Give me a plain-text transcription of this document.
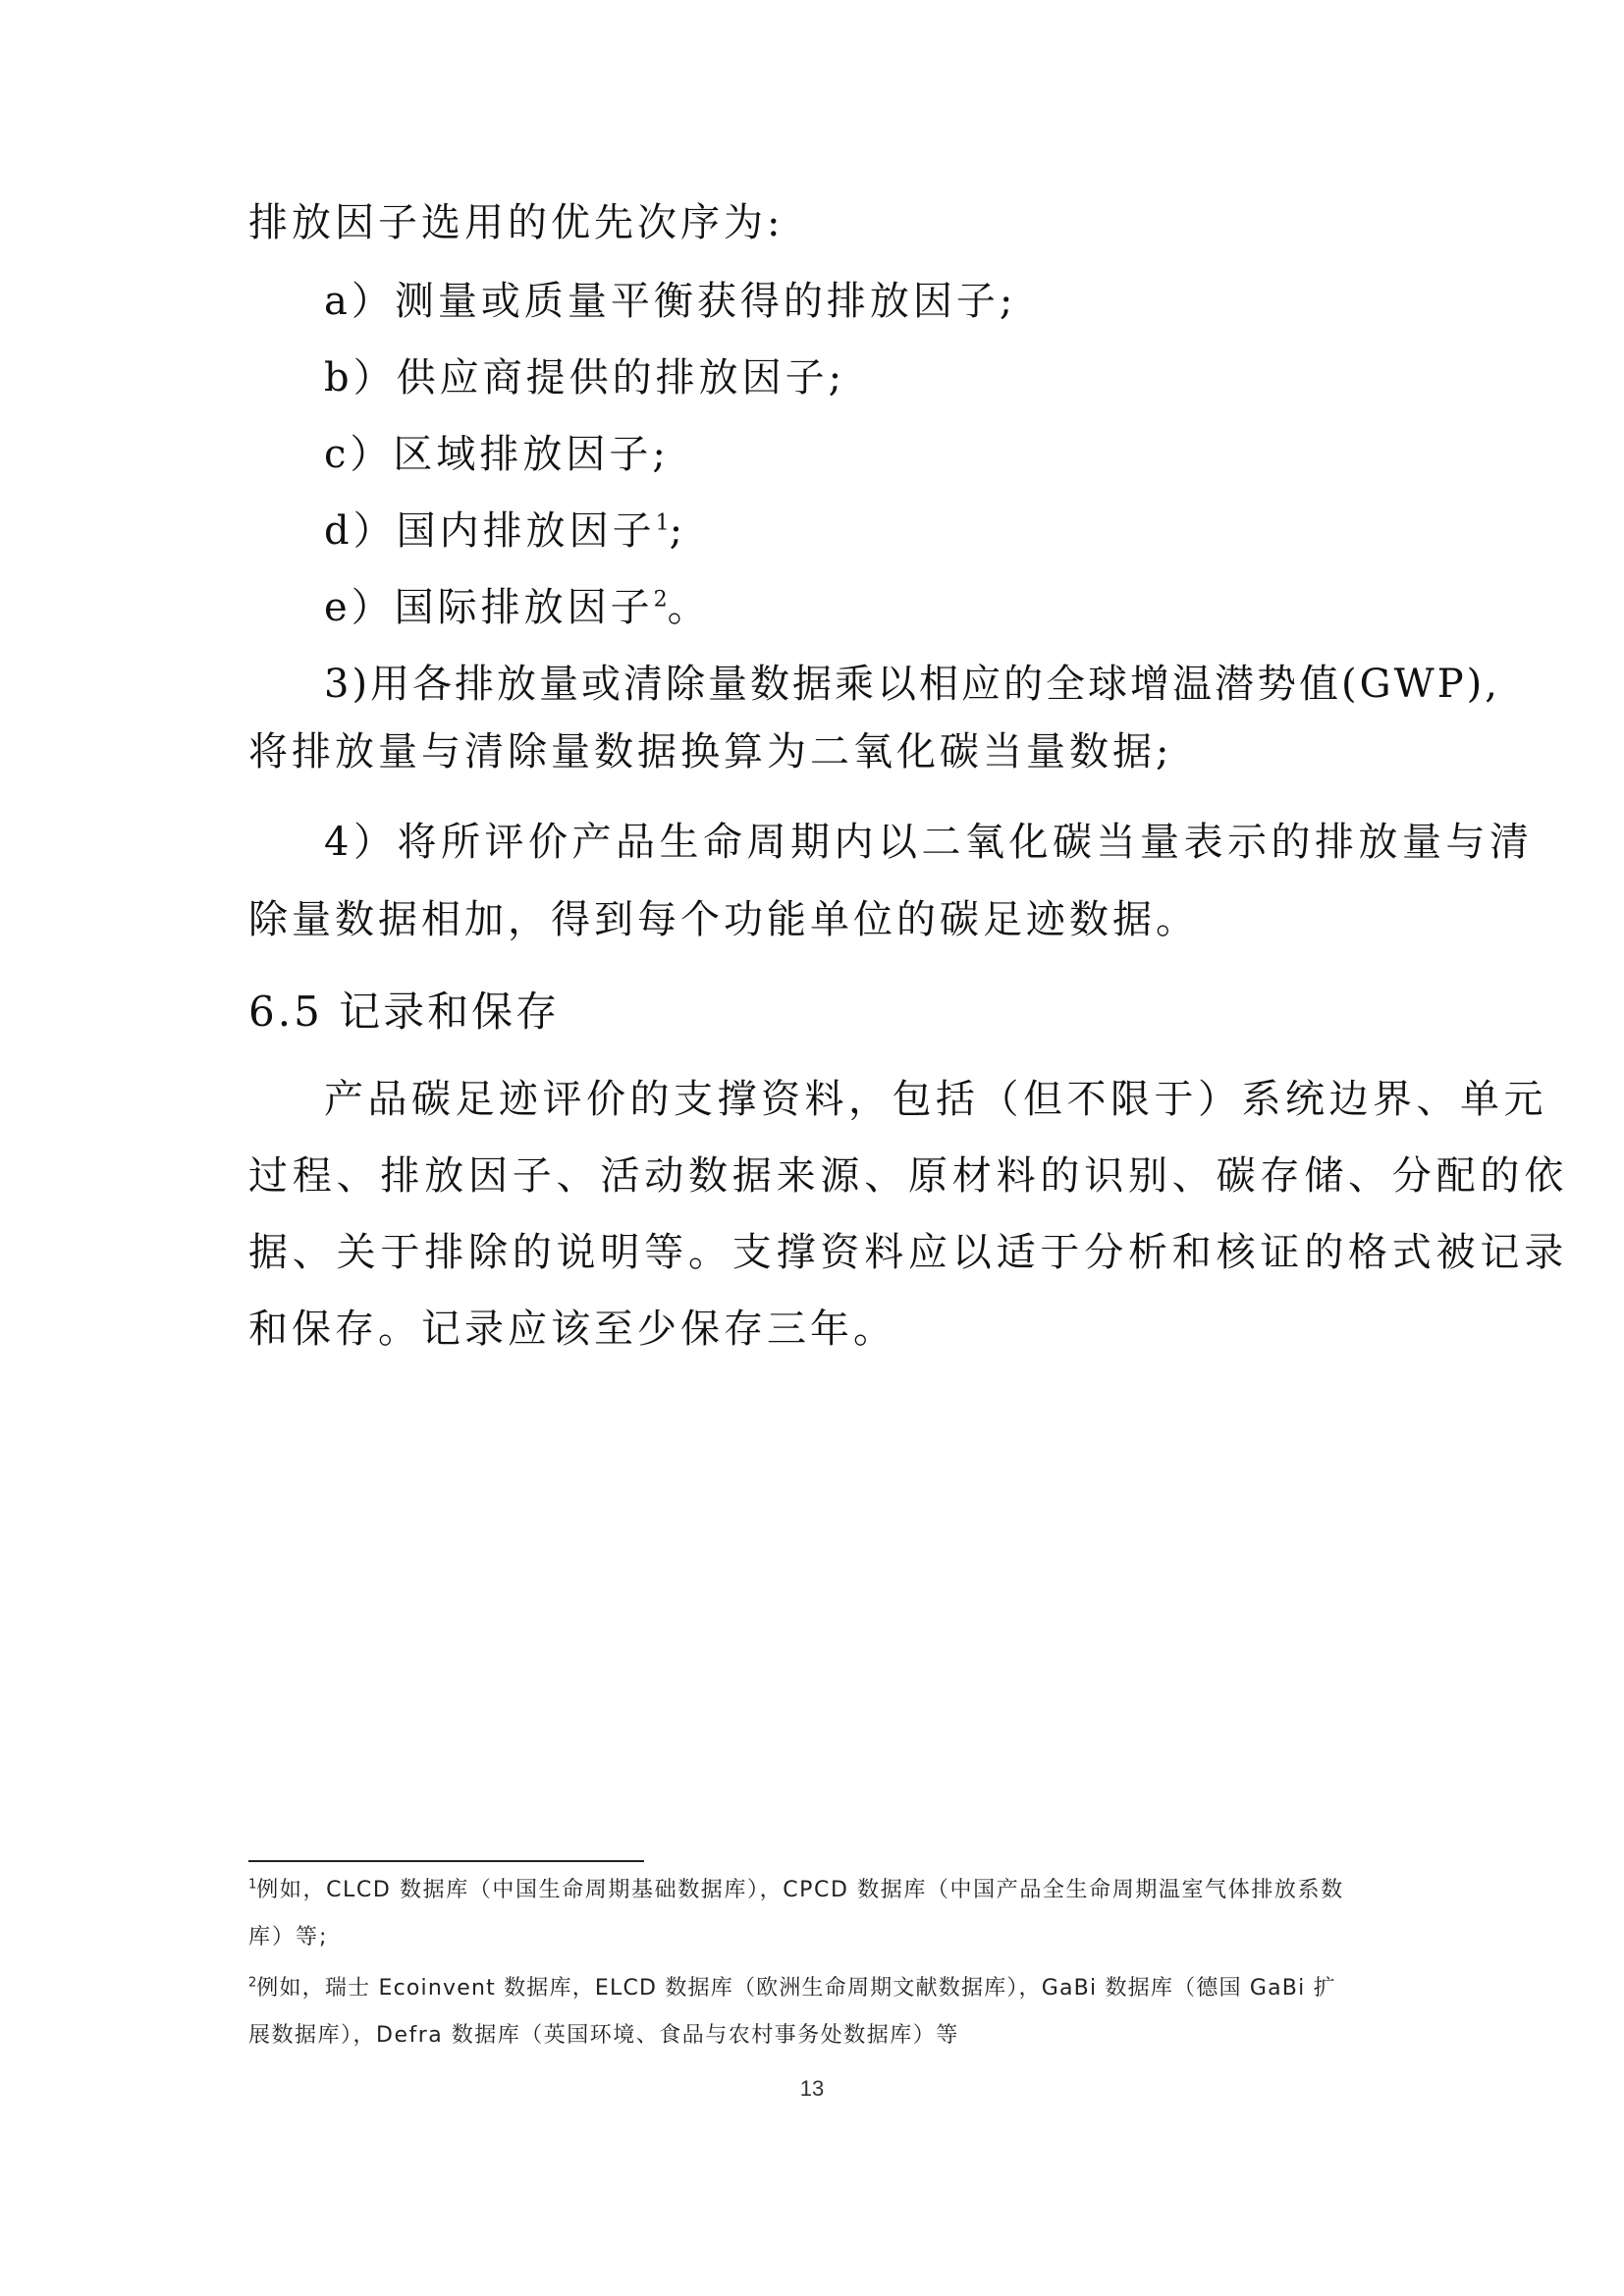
排放因子选用的优先次序为:
a）测量或质量平衡获得的排放因子;
b）供应商提供的排放因子;
c）区域排放因子;
d）国内排放因子$^1$;
e）国际排放因子$^2$。
3)用各排放量或清除量数据乘以相应的全球增温潜势值(GWP),
将排放量与清除量数据换算为二氧化碳当量数据;
4）将所评价产品生命周期内以二氧化碳当量表示的排放量与清
除量数据相加，得到每个功能单位的碳足迹数据。
6.5 记录和保存
产品碳足迹评价的支撑资料，包括（但不限于）系统边界、单元
过程、排放因子、活动数据来源、原材料的识别、碳存储、分配的依
据、关于排除的说明等。支撑资料应以适于分析和核证的格式被记录
和保存。记录应该至少保存三年。
$^1$例如，CLCD 数据库（中国生命周期基础数据库），CPCD 数据库（中国产品全生命周期温室气体排放系数
库）等;
$^2$例如，瑞士 Ecoinvent 数据库，ELCD 数据库（欧洲生命周期文献数据库），GaBi 数据库（德国 GaBi 扩
展数据库），Defra 数据库（英国环境、食品与农村事务处数据库）等
13
